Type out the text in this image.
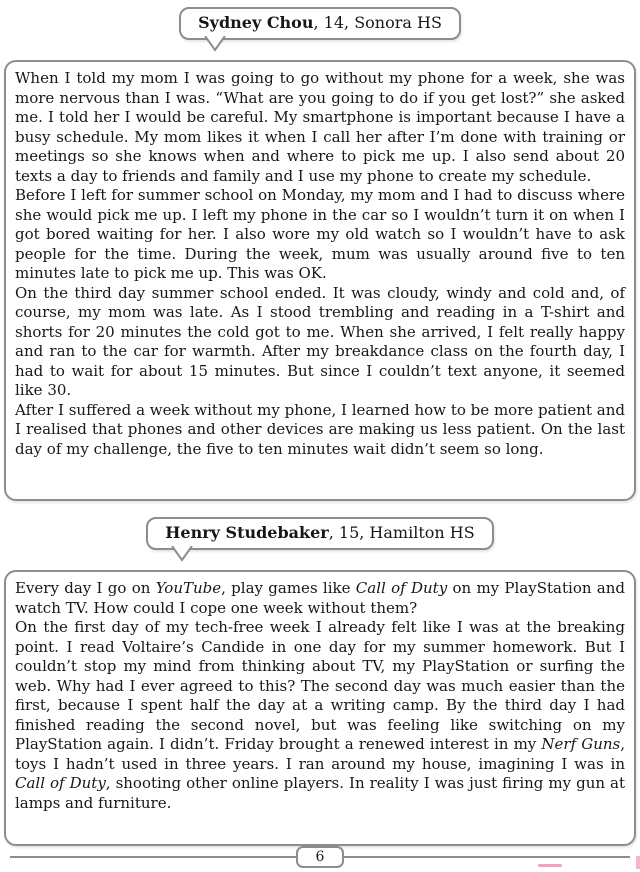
Sydney Chou, 14, Sonora HS

When I told my mom I was going to go without my phone for a week, she was more nervous than I was. “What are you going to do if you get lost?” she asked me. I told her I would be careful. My smartphone is important because I have a busy schedule. My mom likes it when I call her after I’m done with training or meetings so she knows when and where to pick me up. I also send about 20 texts a day to friends and family and I use my phone to create my schedule.

Before I left for summer school on Monday, my mom and I had to discuss where she would pick me up. I left my phone in the car so I wouldn’t turn it on when I got bored waiting for her. I also wore my old watch so I wouldn’t have to ask people for the time. During the week, mum was usually around five to ten minutes late to pick me up. This was OK.

On the third day summer school ended. It was cloudy, windy and cold and, of course, my mom was late. As I stood trembling and reading in a T-shirt and shorts for 20 minutes the cold got to me. When she arrived, I felt really happy and ran to the car for warmth. After my breakdance class on the fourth day, I had to wait for about 15 minutes. But since I couldn’t text anyone, it seemed like 30.

After I suffered a week without my phone, I learned how to be more patient and I realised that phones and other devices are making us less patient. On the last day of my challenge, the five to ten minutes wait didn’t seem so long.

Henry Studebaker, 15, Hamilton HS

Every day I go on YouTube, play games like Call of Duty on my PlayStation and watch TV. How could I cope one week without them?

On the first day of my tech-free week I already felt like I was at the breaking point. I read Voltaire’s Candide in one day for my summer homework. But I couldn’t stop my mind from thinking about TV, my PlayStation or surfing the web. Why had I ever agreed to this? The second day was much easier than the first, because I spent half the day at a writing camp. By the third day I had finished reading the second novel, but was feeling like switching on my PlayStation again. I didn’t. Friday brought a renewed interest in my Nerf Guns, toys I hadn’t used in three years. I ran around my house, imagining I was in Call of Duty, shooting other online players. In reality I was just firing my gun at lamps and furniture.

6
